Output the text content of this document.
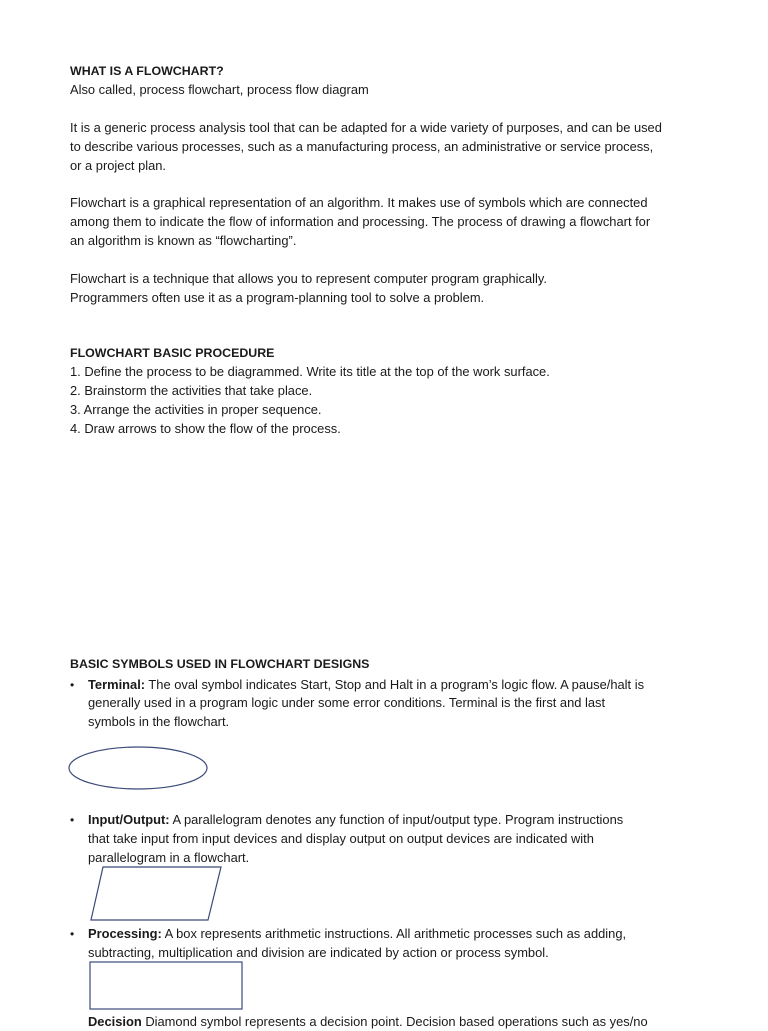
WHAT IS A FLOWCHART?
Also called, process flowchart, process flow diagram
It is a generic process analysis tool that can be adapted for a wide variety of purposes, and can be used
to describe various processes, such as a manufacturing process, an administrative or service process,
or a project plan.
Flowchart is a graphical representation of an algorithm. It makes use of symbols which are connected
among them to indicate the flow of information and processing. The process of drawing a flowchart for
an algorithm is known as “flowcharting”.
Flowchart is a technique that allows you to represent computer program graphically.
Programmers often use it as a program-planning tool to solve a problem.
FLOWCHART BASIC PROCEDURE
1. Define the process to be diagrammed. Write its title at the top of the work surface.
2. Brainstorm the activities that take place.
3. Arrange the activities in proper sequence.
4. Draw arrows to show the flow of the process.
BASIC SYMBOLS USED IN FLOWCHART DESIGNS
• Terminal: The oval symbol indicates Start, Stop and Halt in a program’s logic flow. A pause/halt is
generally used in a program logic under some error conditions. Terminal is the first and last
symbols in the flowchart.
• Input/Output: A parallelogram denotes any function of input/output type. Program instructions
that take input from input devices and display output on output devices are indicated with
parallelogram in a flowchart.
• Processing: A box represents arithmetic instructions. All arithmetic processes such as adding,
subtracting, multiplication and division are indicated by action or process symbol.
Decision Diamond symbol represents a decision point. Decision based operations such as yes/no
